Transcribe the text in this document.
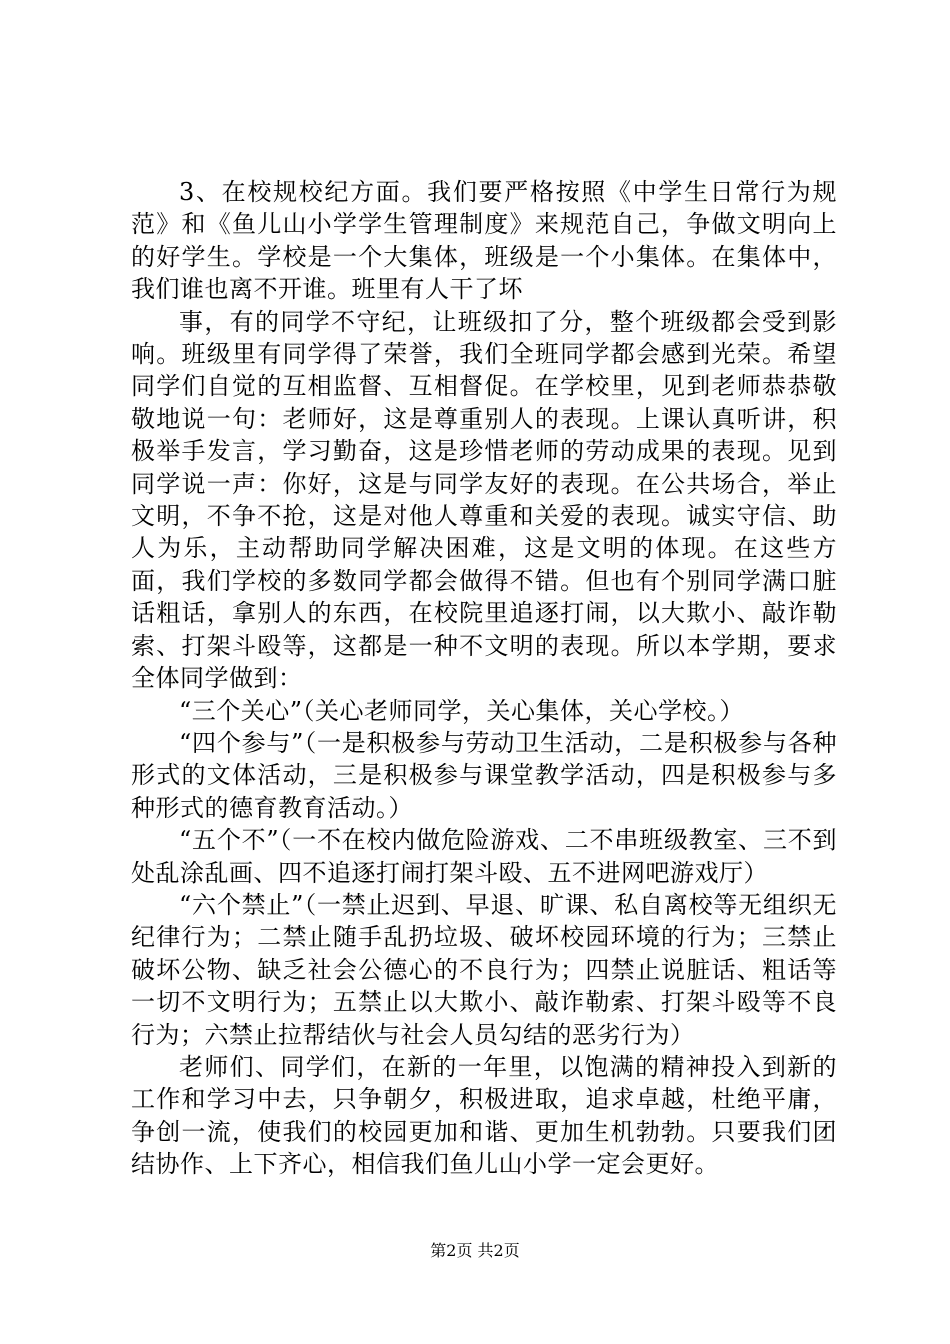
3、在校规校纪方面。我们要严格按照《中学生日常行为规范》和《鱼儿山小学学生管理制度》来规范自己，争做文明向上的好学生。学校是一个大集体，班级是一个小集体。在集体中，我们谁也离不开谁。班里有人干了坏

事，有的同学不守纪，让班级扣了分，整个班级都会受到影响。班级里有同学得了荣誉，我们全班同学都会感到光荣。希望同学们自觉的互相监督、互相督促。在学校里，见到老师恭恭敬敬地说一句：老师好，这是尊重别人的表现。上课认真听讲，积极举手发言，学习勤奋，这是珍惜老师的劳动成果的表现。见到同学说一声：你好，这是与同学友好的表现。在公共场合，举止文明，不争不抢，这是对他人尊重和关爱的表现。诚实守信、助人为乐，主动帮助同学解决困难，这是文明的体现。在这些方面，我们学校的多数同学都会做得不错。但也有个别同学满口脏话粗话，拿别人的东西，在校院里追逐打闹，以大欺小、敲诈勒索、打架斗殴等，这都是一种不文明的表现。所以本学期，要求全体同学做到：

“三个关心”（关心老师同学，关心集体，关心学校。）

“四个参与”（一是积极参与劳动卫生活动，二是积极参与各种形式的文体活动，三是积极参与课堂教学活动，四是积极参与多种形式的德育教育活动。）

“五个不”（一不在校内做危险游戏、二不串班级教室、三不到处乱涂乱画、四不追逐打闹打架斗殴、五不进网吧游戏厅）

“六个禁止”（一禁止迟到、早退、旷课、私自离校等无组织无纪律行为；二禁止随手乱扔垃圾、破坏校园环境的行为；三禁止破坏公物、缺乏社会公德心的不良行为；四禁止说脏话、粗话等一切不文明行为；五禁止以大欺小、敲诈勒索、打架斗殴等不良行为；六禁止拉帮结伙与社会人员勾结的恶劣行为）

老师们、同学们，在新的一年里，以饱满的精神投入到新的工作和学习中去，只争朝夕，积极进取，追求卓越，杜绝平庸，争创一流，使我们的校园更加和谐、更加生机勃勃。只要我们团结协作、上下齐心，相信我们鱼儿山小学一定会更好。

第2页 共2页
